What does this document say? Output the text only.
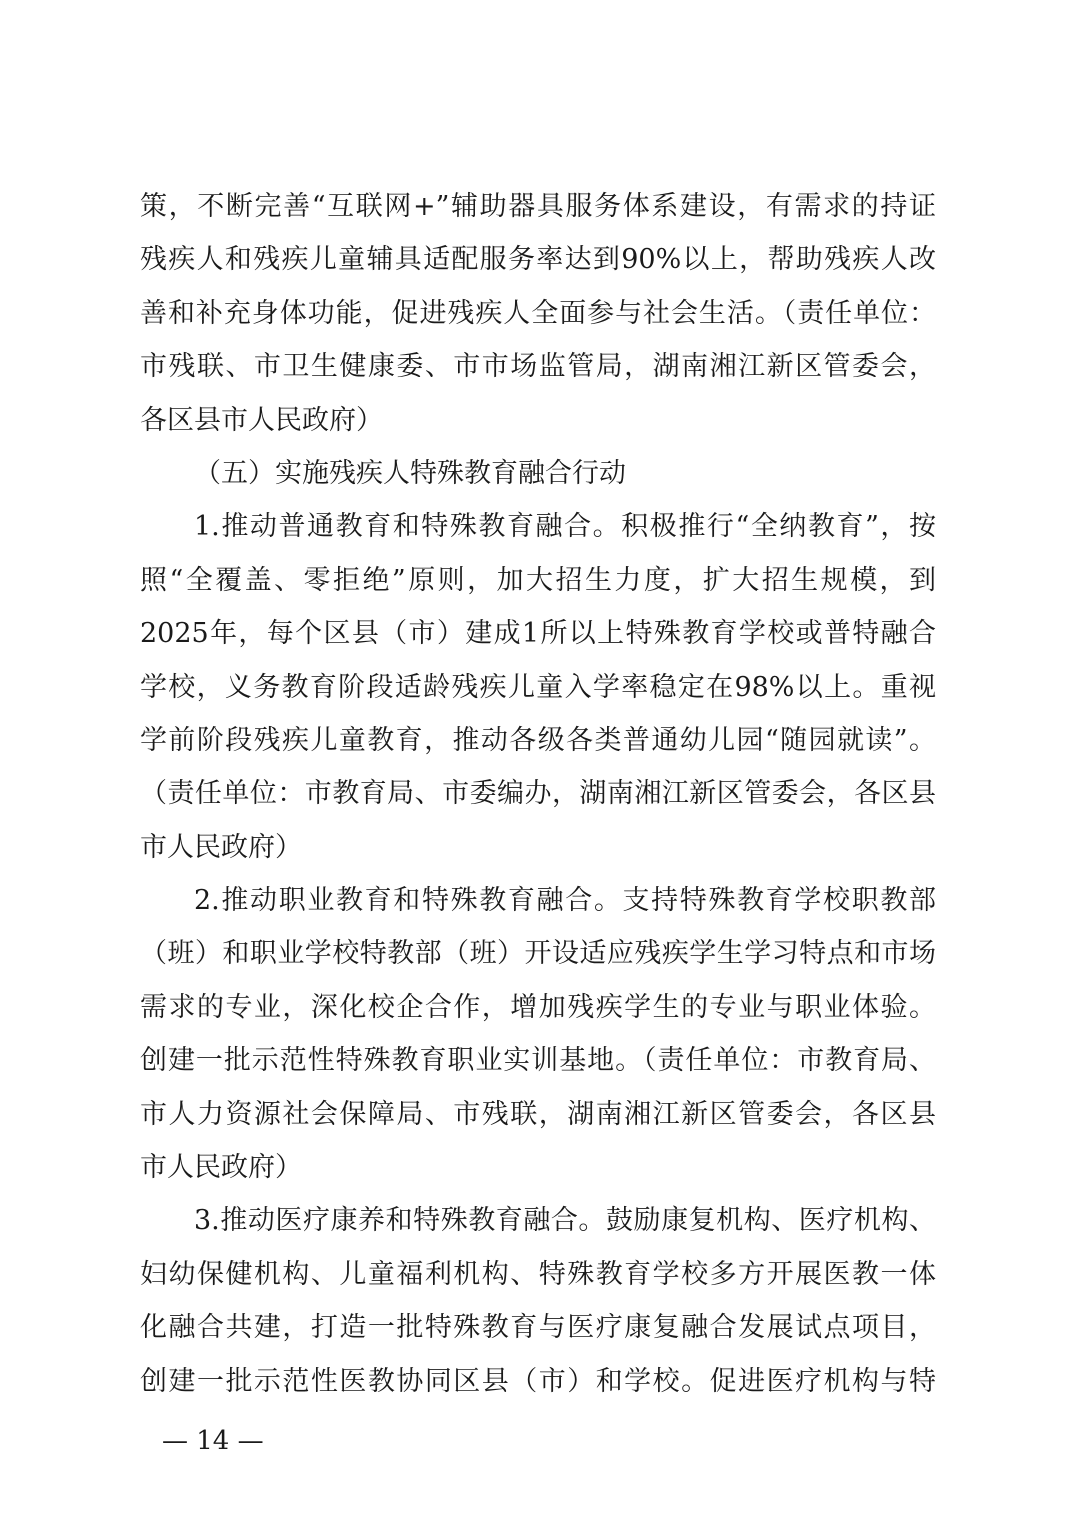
策，不断完善“互联网+”辅助器具服务体系建设，有需求的持证
残疾人和残疾儿童辅具适配服务率达到90%以上，帮助残疾人改
善和补充身体功能，促进残疾人全面参与社会生活。（责任单位：
市残联、市卫生健康委、市市场监管局，湖南湘江新区管委会，
各区县市人民政府）
（五）实施残疾人特殊教育融合行动
1.推动普通教育和特殊教育融合。积极推行“全纳教育”，按
照“全覆盖、零拒绝”原则，加大招生力度，扩大招生规模，到
2025年，每个区县（市）建成1所以上特殊教育学校或普特融合
学校，义务教育阶段适龄残疾儿童入学率稳定在98%以上。重视
学前阶段残疾儿童教育，推动各级各类普通幼儿园“随园就读”。
（责任单位：市教育局、市委编办，湖南湘江新区管委会，各区县
市人民政府）
2.推动职业教育和特殊教育融合。支持特殊教育学校职教部
（班）和职业学校特教部（班）开设适应残疾学生学习特点和市场
需求的专业，深化校企合作，增加残疾学生的专业与职业体验。
创建一批示范性特殊教育职业实训基地。（责任单位：市教育局、
市人力资源社会保障局、市残联，湖南湘江新区管委会，各区县
市人民政府）
3.推动医疗康养和特殊教育融合。鼓励康复机构、医疗机构、
妇幼保健机构、儿童福利机构、特殊教育学校多方开展医教一体
化融合共建，打造一批特殊教育与医疗康复融合发展试点项目，
创建一批示范性医教协同区县（市）和学校。促进医疗机构与特
— 14 —
